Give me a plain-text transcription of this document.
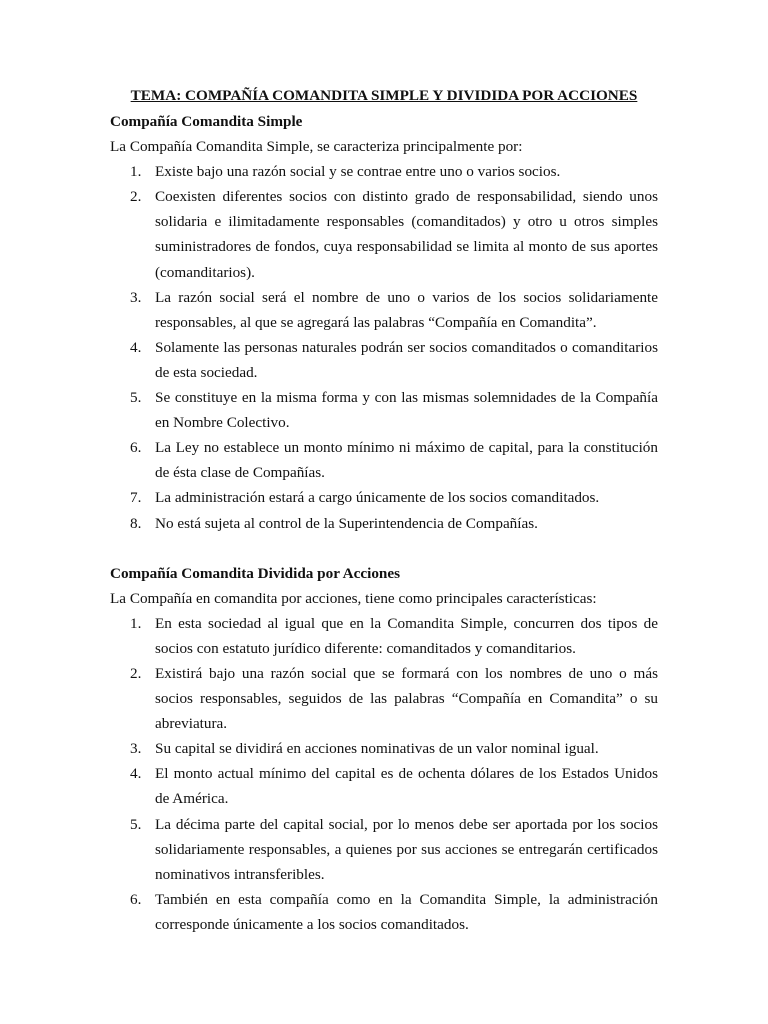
TEMA: COMPAÑÍA COMANDITA SIMPLE Y DIVIDIDA POR ACCIONES

Compañía Comandita Simple

La Compañía Comandita Simple, se caracteriza principalmente por:

1. Existe bajo una razón social y se contrae entre uno o varios socios.
2. Coexisten diferentes socios con distinto grado de responsabilidad, siendo unos solidaria e ilimitadamente responsables (comanditados) y otro u otros simples suministradores de fondos, cuya responsabilidad se limita al monto de sus aportes (comanditarios).
3. La razón social será el nombre de uno o varios de los socios solidariamente responsables, al que se agregará las palabras “Compañía en Comandita”.
4. Solamente las personas naturales podrán ser socios comanditados o comanditarios de esta sociedad.
5. Se constituye en la misma forma y con las mismas solemnidades de la Compañía en Nombre Colectivo.
6. La Ley no establece un monto mínimo ni máximo de capital, para la constitución de ésta clase de Compañías.
7. La administración estará a cargo únicamente de los socios comanditados.
8. No está sujeta al control de la Superintendencia de Compañías.

Compañía Comandita Dividida por Acciones

La Compañía en comandita por acciones, tiene como principales características:

1. En esta sociedad al igual que en la Comandita Simple, concurren dos tipos de socios con estatuto jurídico diferente: comanditados y comanditarios.
2. Existirá bajo una razón social que se formará con los nombres de uno o más socios responsables, seguidos de las palabras “Compañía en Comandita” o su abreviatura.
3. Su capital se dividirá en acciones nominativas de un valor nominal igual.
4. El monto actual mínimo del capital es de ochenta dólares de los Estados Unidos de América.
5. La décima parte del capital social, por lo menos debe ser aportada por los socios solidariamente responsables, a quienes por sus acciones se entregarán certificados nominativos intransferibles.
6. También en esta compañía como en la Comandita Simple, la administración corresponde únicamente a los socios comanditados.
